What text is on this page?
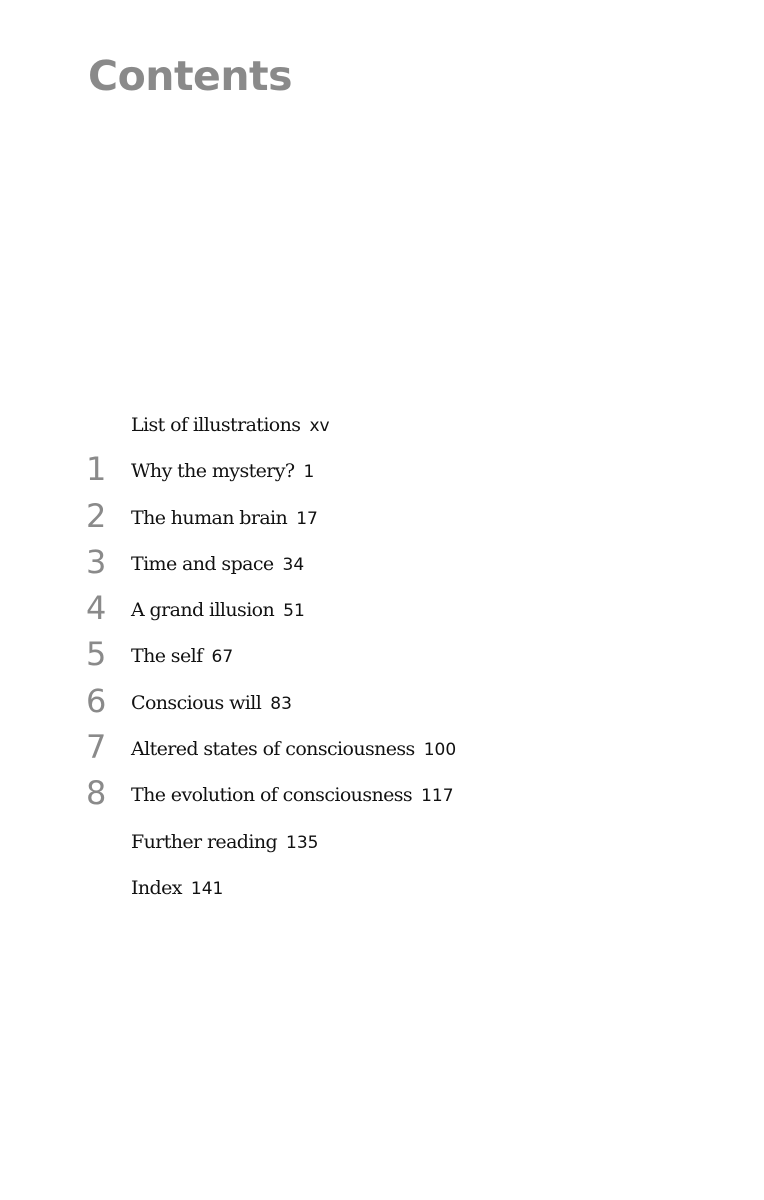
Contents
List of illustrations xv
1	Why the mystery? 1
2	The human brain 17
3	Time and space 34
4	A grand illusion 51
5	The self 67
6	Conscious will 83
7	Altered states of consciousness 100
8	The evolution of consciousness 117
Further reading 135
Index 141
